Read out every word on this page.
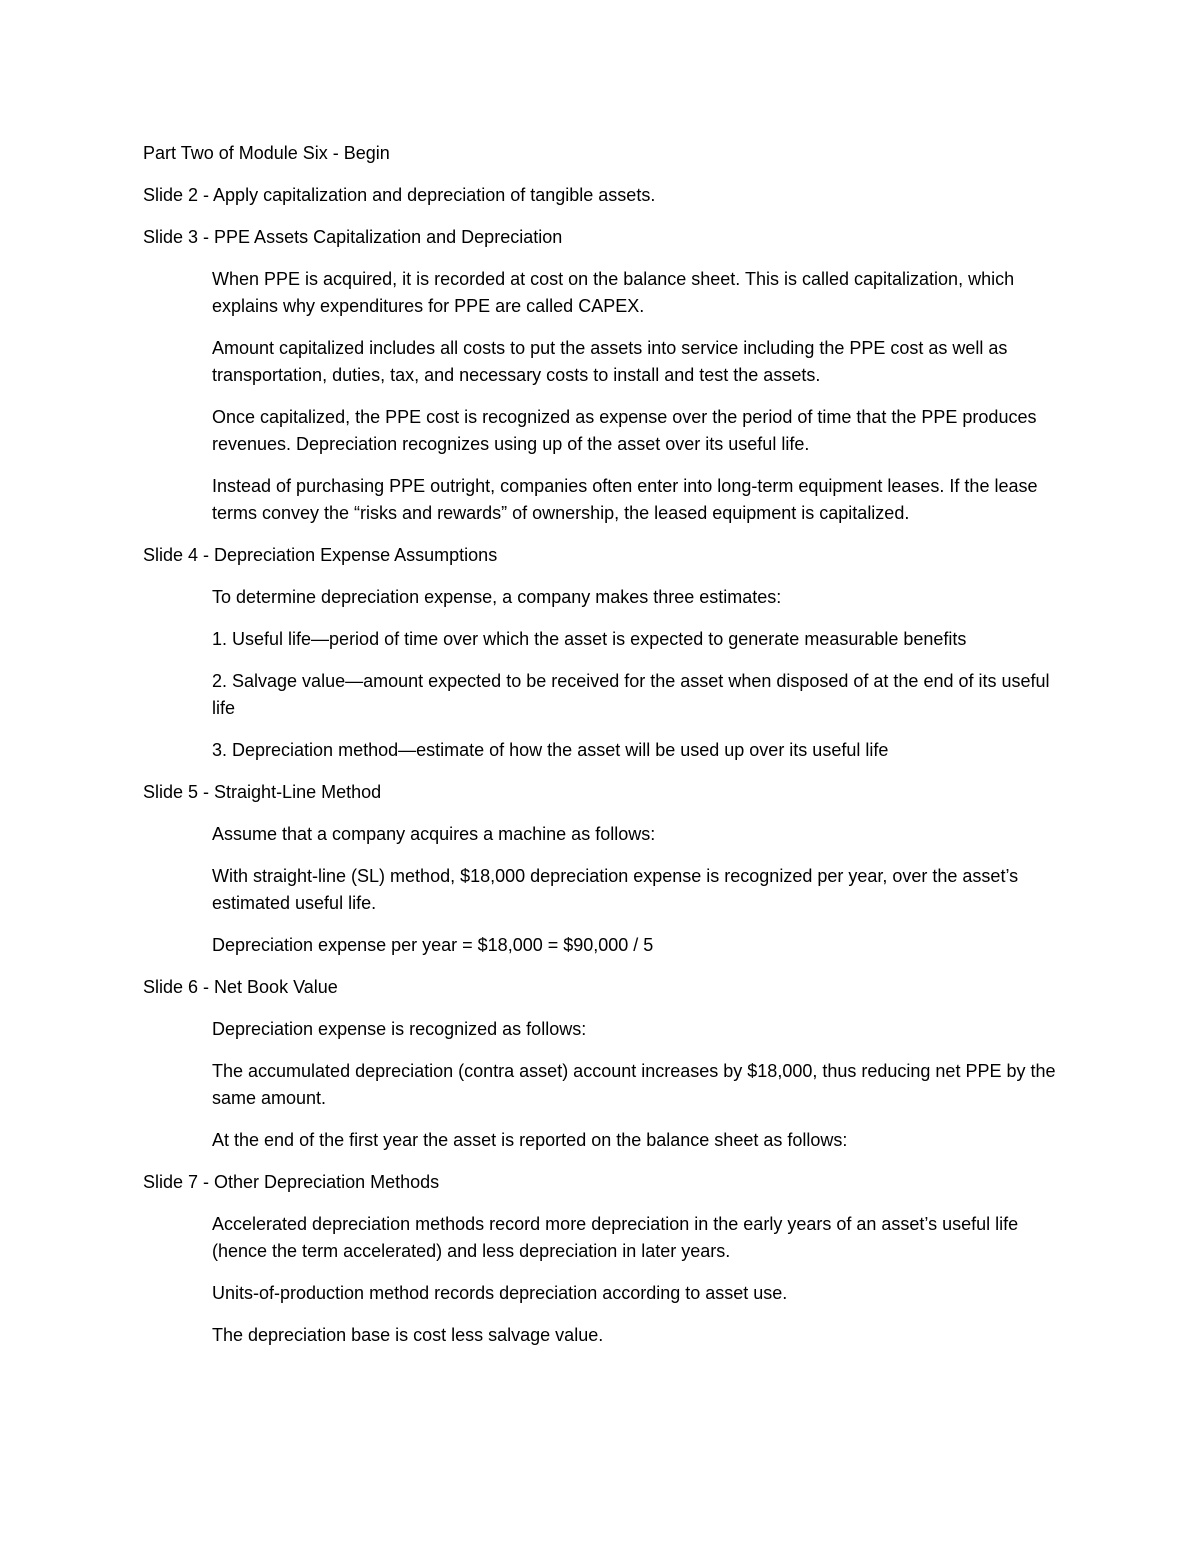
Part Two of Module Six - Begin

Slide 2 - Apply capitalization and depreciation of tangible assets.

Slide 3 - PPE Assets Capitalization and Depreciation

When PPE is acquired, it is recorded at cost on the balance sheet. This is called capitalization, which explains why expenditures for PPE are called CAPEX.

Amount capitalized includes all costs to put the assets into service including the PPE cost as well as transportation, duties, tax, and necessary costs to install and test the assets.

Once capitalized, the PPE cost is recognized as expense over the period of time that the PPE produces revenues. Depreciation recognizes using up of the asset over its useful life.

Instead of purchasing PPE outright, companies often enter into long-term equipment leases. If the lease terms convey the “risks and rewards” of ownership, the leased equipment is capitalized.

Slide 4 - Depreciation Expense Assumptions

To determine depreciation expense, a company makes three estimates:

1. Useful life—period of time over which the asset is expected to generate measurable benefits

2. Salvage value—amount expected to be received for the asset when disposed of at the end of its useful life

3. Depreciation method—estimate of how the asset will be used up over its useful life

Slide 5 - Straight-Line Method

Assume that a company acquires a machine as follows:

With straight-line (SL) method, $18,000 depreciation expense is recognized per year, over the asset’s estimated useful life.

Depreciation expense per year = $18,000 = $90,000 / 5

Slide 6 - Net Book Value

Depreciation expense is recognized as follows:

The accumulated depreciation (contra asset) account increases by $18,000, thus reducing net PPE by the same amount.

At the end of the first year the asset is reported on the balance sheet as follows:

Slide 7 - Other Depreciation Methods

Accelerated depreciation methods record more depreciation in the early years of an asset’s useful life (hence the term accelerated) and less depreciation in later years.

Units-of-production method records depreciation according to asset use.

The depreciation base is cost less salvage value.
